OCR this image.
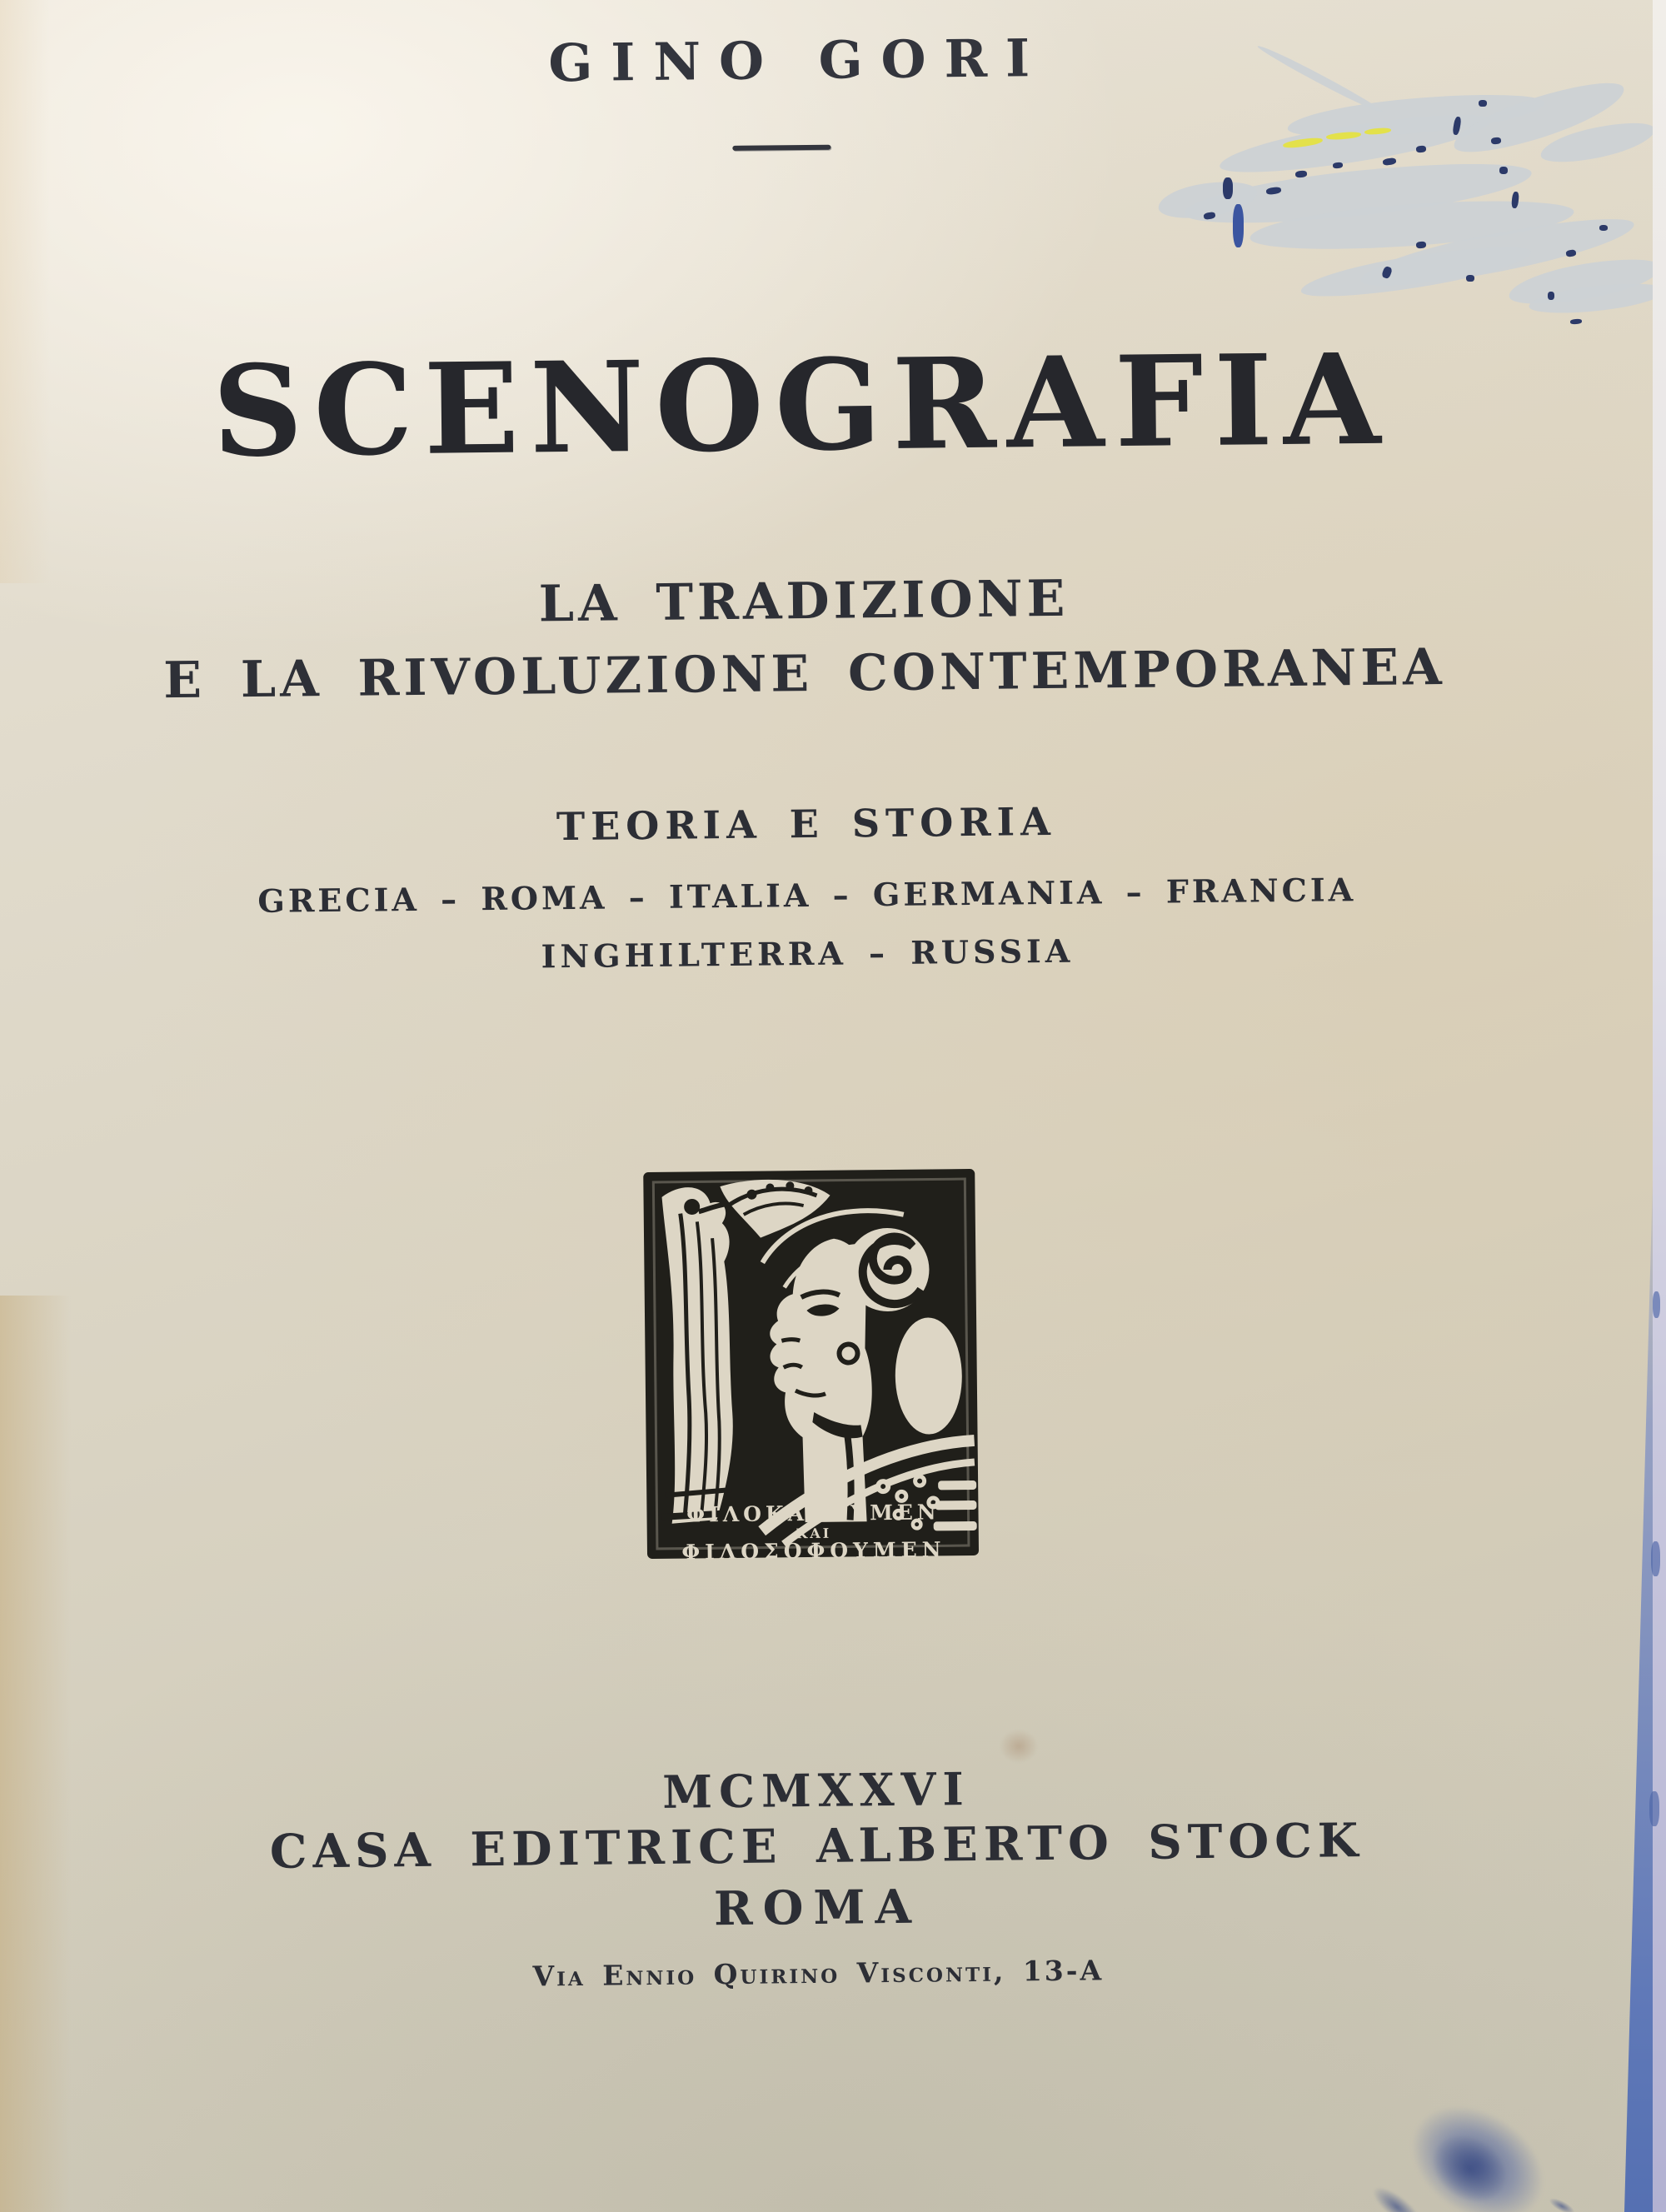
GINO GORI
SCENOGRAFIA
LA TRADIZIONE
E LA RIVOLUZIONE CONTEMPORANEA
TEORIA E STORIA
GRECIA – ROMA – ITALIA – GERMANIA – FRANCIA
INGHILTERRA – RUSSIA
ΦΙΛΟΚΑΛΟΥΜΕΝ
ΚΑΙ
ΦΙΛΟΣΟΦΟΥΜΕΝ
MCMXXVI
CASA EDITRICE ALBERTO STOCK
ROMA
Via Ennio Quirino Visconti, 13-A
